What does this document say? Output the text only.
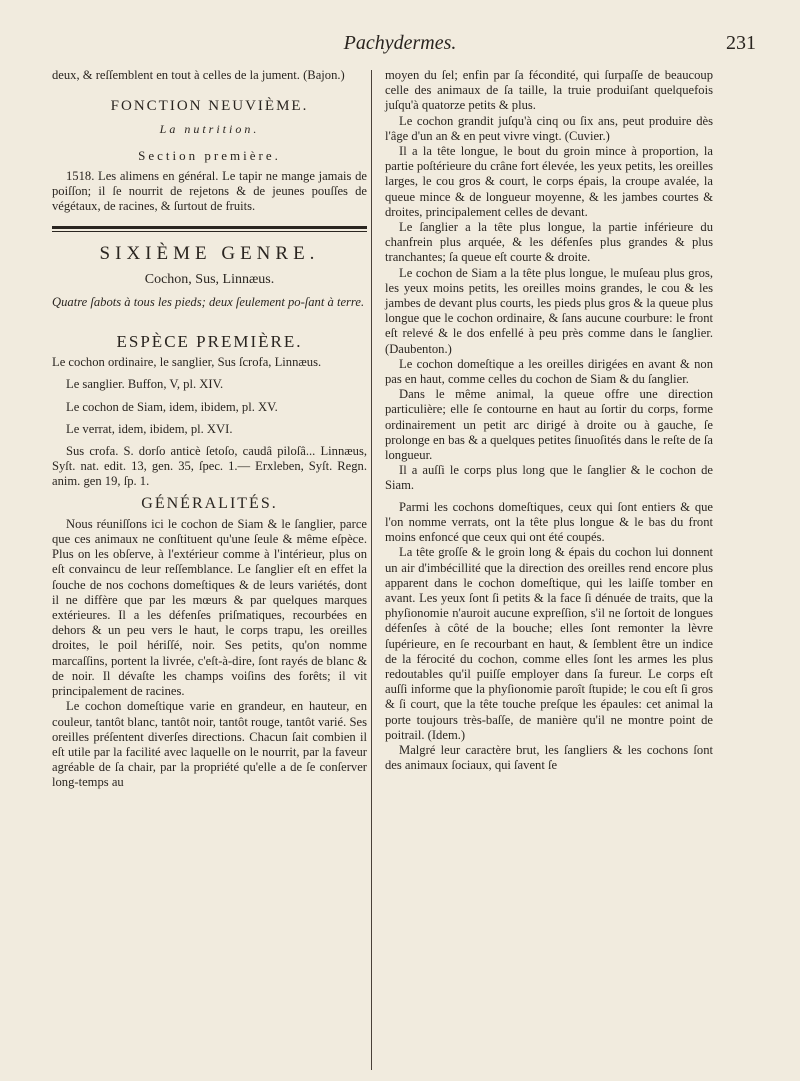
Pachydermes.	231

deux, & reſſemblent en tout à celles de la jument. (Bajon.)

FONCTION NEUVIÈME.
La nutrition.
Section première.

1518. Les alimens en général. Le tapir ne mange jamais de poiſſon; il ſe nourrit de rejetons & de jeunes pouſſes de végétaux, de racines, & ſurtout de fruits.

SIXIÈME GENRE.
Cochon, Sus, Linnæus.

Quatre ſabots à tous les pieds; deux ſeulement po-ſant à terre.

ESPÈCE PREMIÈRE.

Le cochon ordinaire, le sanglier, Sus ſcrofa, Linnæus.

Le sanglier. Buffon, V, pl. XIV.

Le cochon de Siam, idem, ibidem, pl. XV.

Le verrat, idem, ibidem, pl. XVI.

Sus crofa. S. dorſo anticè ſetoſo, caudâ piloſâ... Linnæus, Syſt. nat. edit. 13, gen. 35, ſpec. 1.— Erxleben, Syſt. Regn. anim. gen 19, ſp. 1.

GÉNÉRALITÉS.

Nous réuniſſons ici le cochon de Siam & le ſanglier, parce que ces animaux ne conſtituent qu'une ſeule & même eſpèce. Plus on les obſerve, à l'extérieur comme à l'intérieur, plus on eſt convaincu de leur reſſemblance. Le ſanglier eſt en effet la ſouche de nos cochons domeſtiques & de leurs variétés, dont il ne diffère que par les mœurs & par quelques marques extérieures. Il a les défenſes priſmatiques, recourbées en dehors & un peu vers le haut, le corps trapu, les oreilles droites, le poil hériſſé, noir. Ses petits, qu'on nomme marcaſſins, portent la livrée, c'eſt-à-dire, ſont rayés de blanc & de noir. Il dévaſte les champs voiſins des forêts; il vit principalement de racines.

Le cochon domeſtique varie en grandeur, en hauteur, en couleur, tantôt blanc, tantôt noir, tantôt rouge, tantôt varié. Ses oreilles préſentent diverſes directions. Chacun ſait combien il eſt utile par la facilité avec laquelle on le nourrit, par la faveur agréable de ſa chair, par la propriété qu'elle a de ſe conſerver long-temps au

moyen du ſel; enfin par ſa fécondité, qui ſurpaſſe de beaucoup celle des animaux de ſa taille, la truie produiſant quelquefois juſqu'à quatorze petits & plus.

Le cochon grandit juſqu'à cinq ou ſix ans, peut produire dès l'âge d'un an & en peut vivre vingt. (Cuvier.)

Il a la tête longue, le bout du groin mince à proportion, la partie poſtérieure du crâne fort élevée, les yeux petits, les oreilles larges, le cou gros & court, le corps épais, la croupe avalée, la queue mince & de longueur moyenne, & les jambes courtes & droites, principalement celles de devant.

Le ſanglier a la tête plus longue, la partie inférieure du chanfrein plus arquée, & les défenſes plus grandes & plus tranchantes; ſa queue eſt courte & droite.

Le cochon de Siam a la tête plus longue, le muſeau plus gros, les yeux moins petits, les oreilles moins grandes, le cou & les jambes de devant plus courts, les pieds plus gros & la queue plus longue que le cochon ordinaire, & ſans aucune courbure: le front eſt relevé & le dos enfellé à peu près comme dans le ſanglier. (Daubenton.)

Le cochon domeſtique a les oreilles dirigées en avant & non pas en haut, comme celles du cochon de Siam & du ſanglier.

Dans le même animal, la queue offre une direction particulière; elle ſe contourne en haut au ſortir du corps, forme ordinairement un petit arc dirigé à droite ou à gauche, ſe prolonge en bas & a quelques petites ſinuoſités dans le reſte de ſa longueur.

Il a auſſi le corps plus long que le ſanglier & le cochon de Siam.

Parmi les cochons domeſtiques, ceux qui ſont entiers & que l'on nomme verrats, ont la tête plus longue & le bas du front moins enfoncé que ceux qui ont été coupés.

La tête groſſe & le groin long & épais du cochon lui donnent un air d'imbécillité que la direction des oreilles rend encore plus apparent dans le cochon domeſtique, qui les laiſſe tomber en avant. Les yeux ſont ſi petits & la face ſi dénuée de traits, que la phyſionomie n'auroit aucune expreſſion, s'il ne ſortoit de longues défenſes à côté de la bouche; elles ſont remonter la lèvre ſupérieure, en ſe recourbant en haut, & ſemblent être un indice de la férocité du cochon, comme elles ſont les armes les plus redoutables qu'il puiſſe employer dans ſa fureur. Le corps eſt auſſi informe que la phyſionomie paroît ſtupide; le cou eſt ſi gros & ſi court, que la tête touche preſque les épaules: cet animal la porte toujours très-baſſe, de manière qu'il ne montre point de poitrail. (Idem.)

Malgré leur caractère brut, les ſangliers & les cochons ſont des animaux ſociaux, qui ſavent ſe
